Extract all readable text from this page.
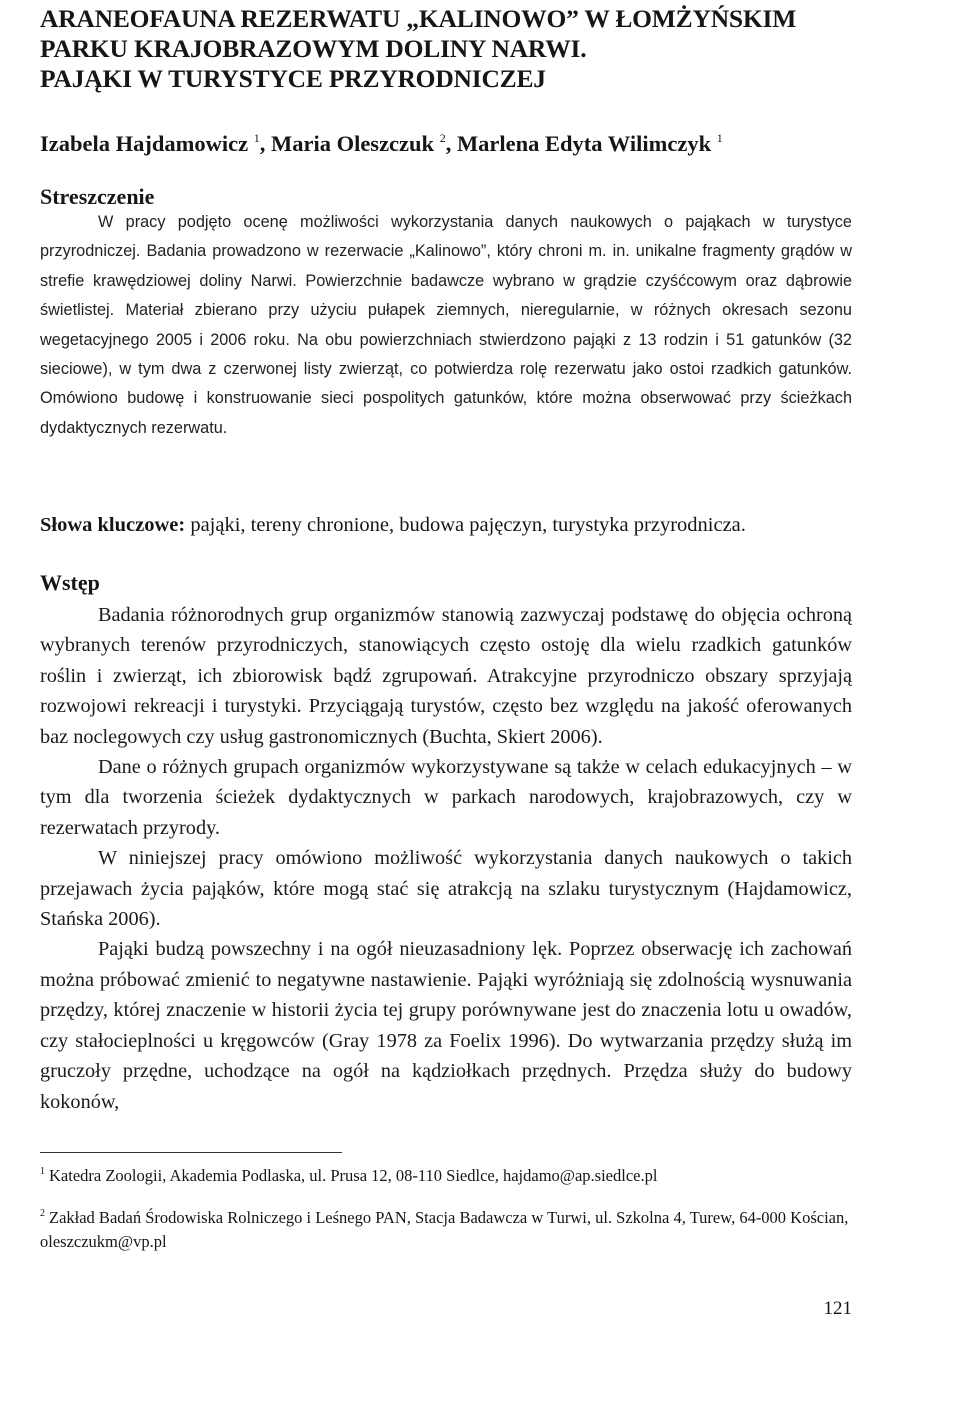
ARANEOFAUNA REZERWATU „KALINOWO” W ŁOMŻYŃSKIM
PARKU KRAJOBRAZOWYM DOLINY NARWI.
PAJĄKI W TURYSTYCE PRZYRODNICZEJ

Izabela Hajdamowicz $^1$, Maria Oleszczuk $^2$, Marlena Edyta Wilimczyk $^1$

Streszczenie

W pracy podjęto ocenę możliwości wykorzystania danych naukowych o pająkach w turystyce przyrodniczej. Badania prowadzono w rezerwacie „Kalinowo”, który chroni m. in. unikalne fragmenty grądów w strefie krawędziowej doliny Narwi. Powierzchnie badawcze wybrano w grądzie czyśćcowym oraz dąbrowie świetlistej. Materiał zbierano przy użyciu pułapek ziemnych, nieregularnie, w różnych okresach sezonu wegetacyjnego 2005 i 2006 roku. Na obu powierzchniach stwierdzono pająki z 13 rodzin i 51 gatunków (32 sieciowe), w tym dwa z czerwonej listy zwierząt, co potwierdza rolę rezerwatu jako ostoi rzadkich gatunków. Omówiono budowę i konstruowanie sieci pospolitych gatunków, które można obserwować przy ścieżkach dydaktycznych rezerwatu.

Słowa kluczowe: pająki, tereny chronione, budowa pajęczyn, turystyka przyrodnicza.

Wstęp

Badania różnorodnych grup organizmów stanowią zazwyczaj podstawę do objęcia ochroną wybranych terenów przyrodniczych, stanowiących często ostoję dla wielu rzadkich gatunków roślin i zwierząt, ich zbiorowisk bądź zgrupowań. Atrakcyjne przyrodniczo obszary sprzyjają rozwojowi rekreacji i turystyki. Przyciągają turystów, często bez względu na jakość oferowanych baz noclegowych czy usług gastronomicznych (Buchta, Skiert 2006).

Dane o różnych grupach organizmów wykorzystywane są także w celach edukacyjnych – w tym dla tworzenia ścieżek dydaktycznych w parkach narodowych, krajobrazowych, czy w rezerwatach przyrody.

W niniejszej pracy omówiono możliwość wykorzystania danych naukowych o takich przejawach życia pająków, które mogą stać się atrakcją na szlaku turystycznym (Hajdamowicz, Stańska 2006).

Pająki budzą powszechny i na ogół nieuzasadniony lęk. Poprzez obserwację ich zachowań można próbować zmienić to negatywne nastawienie. Pająki wyróżniają się zdolnością wysnuwania przędzy, której znaczenie w historii życia tej grupy porównywane jest do znaczenia lotu u owadów, czy stałocieplności u kręgowców (Gray 1978 za Foelix 1996). Do wytwarzania przędzy służą im gruczoły przędne, uchodzące na ogół na kądziołkach przędnych. Przędza służy do budowy kokonów,

$^1$ Katedra Zoologii, Akademia Podlaska, ul. Prusa 12, 08-110 Siedlce, hajdamo@ap.siedlce.pl

$^2$ Zakład Badań Środowiska Rolniczego i Leśnego PAN, Stacja Badawcza w Turwi, ul. Szkolna 4, Turew, 64-000 Kościan, oleszczukm@vp.pl

121
